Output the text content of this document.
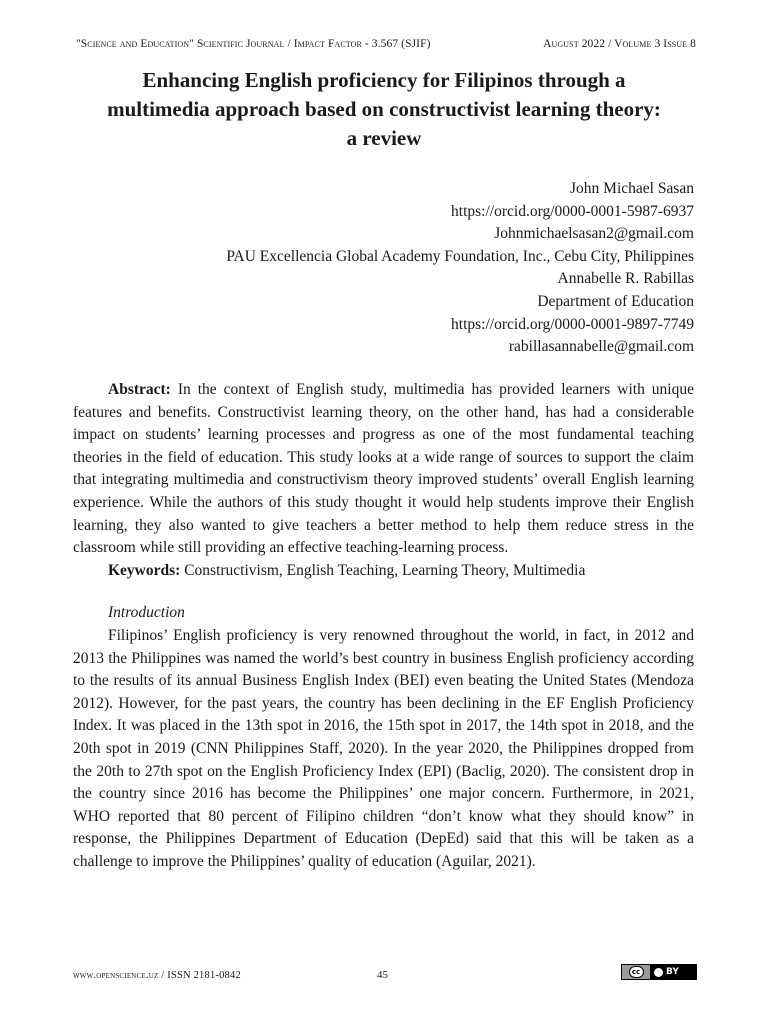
"Science and Education" Scientific Journal / Impact Factor - 3.567 (SJIF)	August 2022 / Volume 3 Issue 8
Enhancing English proficiency for Filipinos through a
multimedia approach based on constructivist learning theory:
a review
John Michael Sasan
https://orcid.org/0000-0001-5987-6937
Johnmichaelsasan2@gmail.com
PAU Excellencia Global Academy Foundation, Inc., Cebu City, Philippines
Annabelle R. Rabillas
Department of Education
https://orcid.org/0000-0001-9897-7749
rabillasannabelle@gmail.com

Abstract: In the context of English study, multimedia has provided learners with unique features and benefits. Constructivist learning theory, on the other hand, has had a considerable impact on students’ learning processes and progress as one of the most fundamental teaching theories in the field of education. This study looks at a wide range of sources to support the claim that integrating multimedia and constructivism theory improved students’ overall English learning experience. While the authors of this study thought it would help students improve their English learning, they also wanted to give teachers a better method to help them reduce stress in the classroom while still providing an effective teaching-learning process.

Keywords: Constructivism, English Teaching, Learning Theory, Multimedia

Introduction

Filipinos’ English proficiency is very renowned throughout the world, in fact, in 2012 and 2013 the Philippines was named the world’s best country in business English proficiency according to the results of its annual Business English Index (BEI) even beating the United States (Mendoza 2012). However, for the past years, the country has been declining in the EF English Proficiency Index. It was placed in the 13th spot in 2016, the 15th spot in 2017, the 14th spot in 2018, and the 20th spot in 2019 (CNN Philippines Staff, 2020). In the year 2020, the Philippines dropped from the 20th to 27th spot on the English Proficiency Index (EPI) (Baclig, 2020). The consistent drop in the country since 2016 has become the Philippines’ one major concern. Furthermore, in 2021, WHO reported that 80 percent of Filipino children “don’t know what they should know” in response, the Philippines Department of Education (DepEd) said that this will be taken as a challenge to improve the Philippines’ quality of education (Aguilar, 2021).

www.openscience.uz / ISSN 2181-0842	45	cc	BY
